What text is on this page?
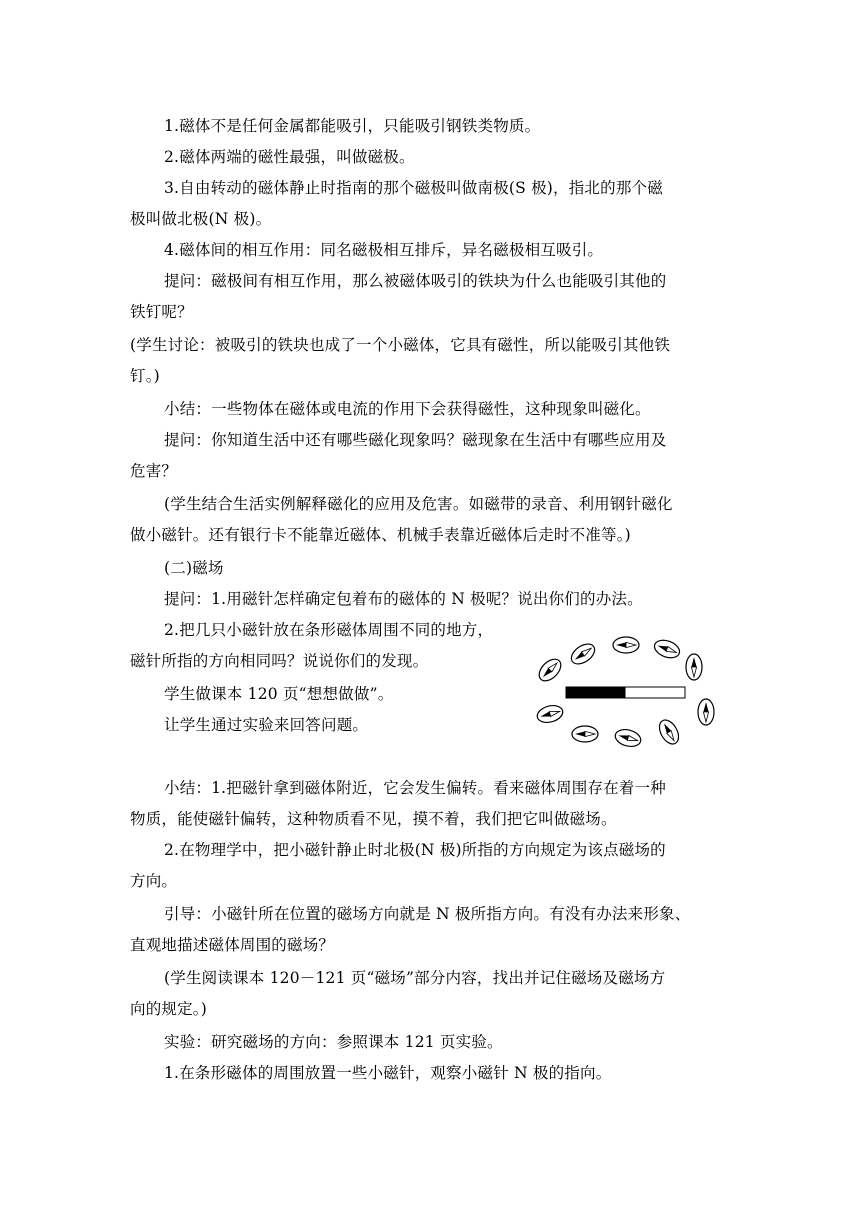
1.磁体不是任何金属都能吸引，只能吸引钢铁类物质。
2.磁体两端的磁性最强，叫做磁极。
3.自由转动的磁体静止时指南的那个磁极叫做南极(S 极)，指北的那个磁
极叫做北极(N 极)。
4.磁体间的相互作用：同名磁极相互排斥，异名磁极相互吸引。
提问：磁极间有相互作用，那么被磁体吸引的铁块为什么也能吸引其他的
铁钉呢？
(学生讨论：被吸引的铁块也成了一个小磁体，它具有磁性，所以能吸引其他铁
钉。)
小结：一些物体在磁体或电流的作用下会获得磁性，这种现象叫磁化。
提问：你知道生活中还有哪些磁化现象吗？磁现象在生活中有哪些应用及
危害？
(学生结合生活实例解释磁化的应用及危害。如磁带的录音、利用钢针磁化
做小磁针。还有银行卡不能靠近磁体、机械手表靠近磁体后走时不准等。)
(二)磁场
提问：1.用磁针怎样确定包着布的磁体的 N 极呢？说出你们的办法。
2.把几只小磁针放在条形磁体周围不同的地方，
磁针所指的方向相同吗？说说你们的发现。
学生做课本 120 页“想想做做”。
让学生通过实验来回答问题。
小结：1.把磁针拿到磁体附近，它会发生偏转。看来磁体周围存在着一种
物质，能使磁针偏转，这种物质看不见，摸不着，我们把它叫做磁场。
2.在物理学中，把小磁针静止时北极(N 极)所指的方向规定为该点磁场的
方向。
引导：小磁针所在位置的磁场方向就是 N 极所指方向。有没有办法来形象、
直观地描述磁体周围的磁场？
(学生阅读课本 120－121 页“磁场”部分内容，找出并记住磁场及磁场方
向的规定。)
实验：研究磁场的方向：参照课本 121 页实验。
1.在条形磁体的周围放置一些小磁针，观察小磁针 N 极的指向。
